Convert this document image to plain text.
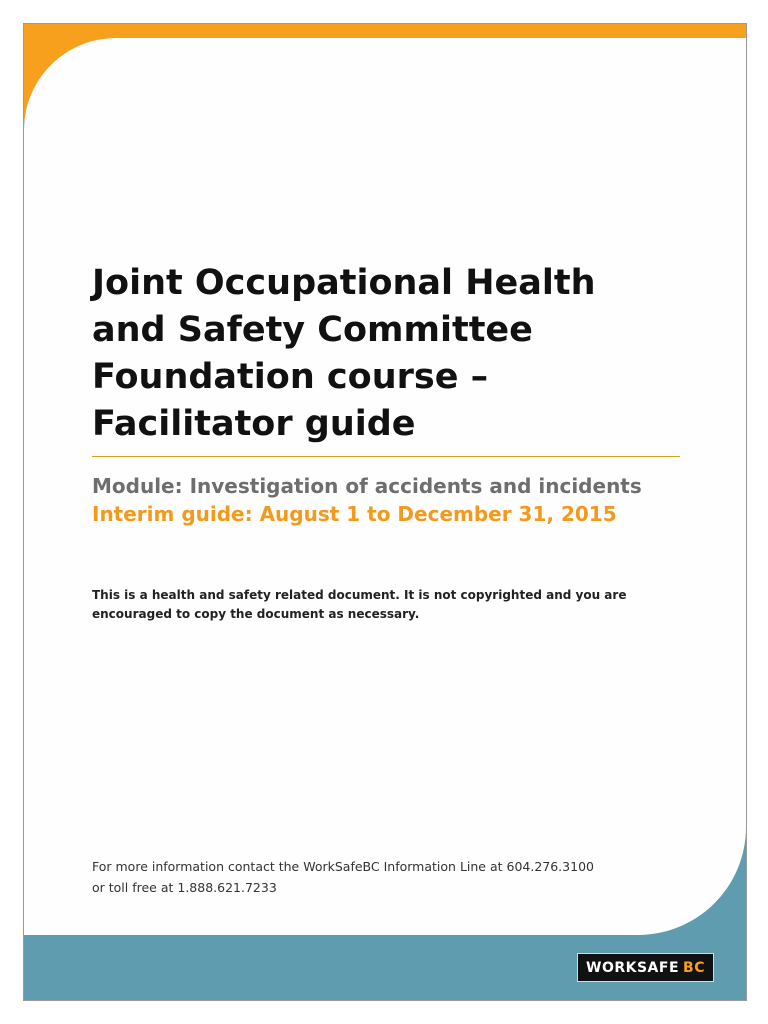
Joint Occupational Health
and Safety Committee
Foundation course –
Facilitator guide

Module: Investigation of accidents and incidents

Interim guide: August 1 to December 31, 2015

This is a health and safety related document. It is not copyrighted and you are encouraged to copy the document as necessary.

For more information contact the WorkSafeBC Information Line at 604.276.3100
or toll free at 1.888.621.7233

WORKSAFE BC
